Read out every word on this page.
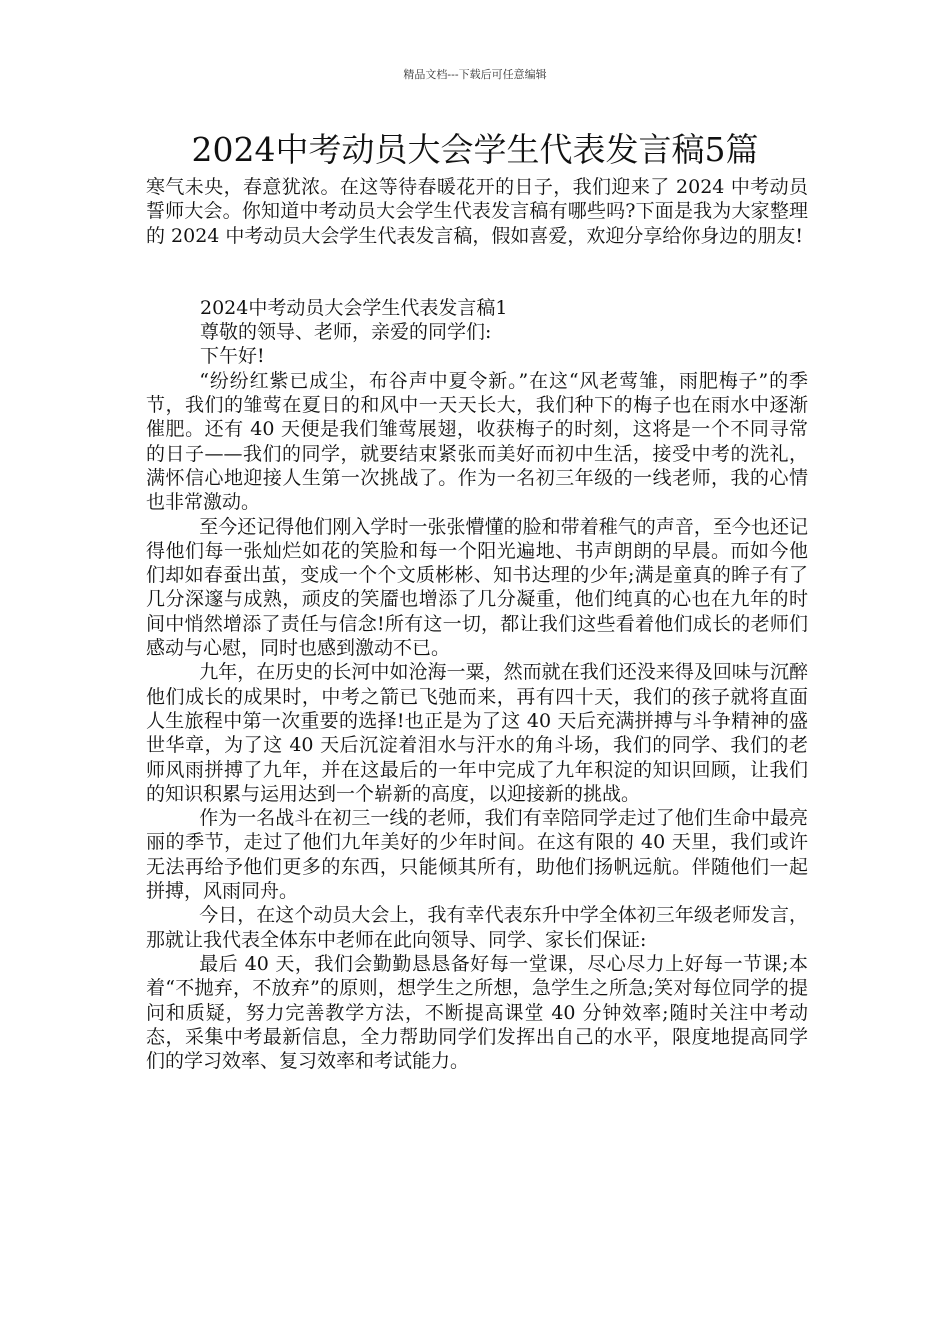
精品文档---下载后可任意编辑
2024中考动员大会学生代表发言稿5篇

寒气未央，春意犹浓。在这等待春暖花开的日子，我们迎来了 2024 中考动员誓师大会。你知道中考动员大会学生代表发言稿有哪些吗?下面是我为大家整理的 2024 中考动员大会学生代表发言稿，假如喜爱，欢迎分享给你身边的朋友!

2024中考动员大会学生代表发言稿1

尊敬的领导、老师，亲爱的同学们:

下午好!

“纷纷红紫已成尘，布谷声中夏令新。”在这“风老莺雏，雨肥梅子”的季节，我们的雏莺在夏日的和风中一天天长大，我们种下的梅子也在雨水中逐渐催肥。还有 40 天便是我们雏莺展翅，收获梅子的时刻，这将是一个不同寻常的日子——我们的同学，就要结束紧张而美好而初中生活，接受中考的洗礼，满怀信心地迎接人生第一次挑战了。作为一名初三年级的一线老师，我的心情也非常激动。

至今还记得他们刚入学时一张张懵懂的脸和带着稚气的声音，至今也还记得他们每一张灿烂如花的笑脸和每一个阳光遍地、书声朗朗的早晨。而如今他们却如春蚕出茧，变成一个个文质彬彬、知书达理的少年;满是童真的眸子有了几分深邃与成熟，顽皮的笑靥也增添了几分凝重，他们纯真的心也在九年的时间中悄然增添了责任与信念!所有这一切，都让我们这些看着他们成长的老师们感动与心慰，同时也感到激动不已。

九年，在历史的长河中如沧海一粟，然而就在我们还没来得及回味与沉醉他们成长的成果时，中考之箭已飞弛而来，再有四十天，我们的孩子就将直面人生旅程中第一次重要的选择!也正是为了这 40 天后充满拼搏与斗争精神的盛世华章，为了这 40 天后沉淀着泪水与汗水的角斗场，我们的同学、我们的老师风雨拼搏了九年，并在这最后的一年中完成了九年积淀的知识回顾，让我们的知识积累与运用达到一个崭新的高度，以迎接新的挑战。

作为一名战斗在初三一线的老师，我们有幸陪同学走过了他们生命中最亮丽的季节，走过了他们九年美好的少年时间。在这有限的 40 天里，我们或许无法再给予他们更多的东西，只能倾其所有，助他们扬帆远航。伴随他们一起拼搏，风雨同舟。

今日，在这个动员大会上，我有幸代表东升中学全体初三年级老师发言，那就让我代表全体东中老师在此向领导、同学、家长们保证:

最后 40 天，我们会勤勤恳恳备好每一堂课，尽心尽力上好每一节课;本着“不抛弃，不放弃”的原则，想学生之所想，急学生之所急;笑对每位同学的提问和质疑，努力完善教学方法，不断提高课堂 40 分钟效率;随时关注中考动态，采集中考最新信息，全力帮助同学们发挥出自己的水平，限度地提高同学们的学习效率、复习效率和考试能力。
